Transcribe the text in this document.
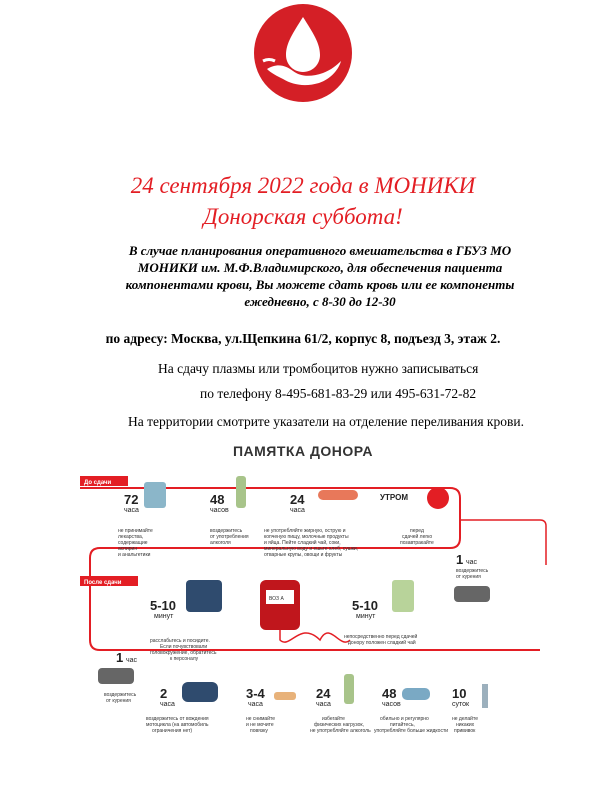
24 сентября 2022 года в МОНИКИ
Донорская суббота!
В случае планирования оперативного вмешательства в ГБУЗ МО МОНИКИ им. М.Ф.Владимирского, для обеспечения пациента компонентами крови, Вы можете сдать кровь или ее компоненты ежедневно, с 8-30 до 12-30
по адресу: Москва, ул.Щепкина 61/2, корпус 8, подъезд 3, этаж 2.
На сдачу плазмы или тромбоцитов нужно записываться
по телефону 8-495-681-83-29 или 495-631-72-82
На территории смотрите указатели на отделение переливания крови.
ПАМЯТКА ДОНОРА
До сдачи
После сдачи
72
часа
не принимайте
лекарства,
содержащие
аспирин
и анальгетики
48
часов
воздержитесь
от употребления
алкоголя
24
часа
не употребляйте жирную, острую и
копченую пищу, молочные продукты
и яйца. Пейте сладкий чай, соки,
минеральную воду и ешьте хлеб, сушки,
отварные крупы, овощи и фрукты
УТРОМ
перед
сдачей легко
позавтракайте
1 час
воздержитесь
от курения
5-10
минут
расслабьтесь и посидите.
Если почувствовали
головокружение, обратитесь
к персоналу
ВОЗ А	5-10
минут
непосредственно перед сдачей
донору положен сладкий чай
1 час
воздержитесь
от курения 2
часа
воздержитесь от вождения
мотоцикла (на автомобиль
ограничения нет)
3-4
часа
не снимайте
и не мочите
повязку
24
часа
избегайте
физических нагрузок,
не употребляйте алкоголь
48
часов
обильно и регулярно
питайтесь,
употребляйте больше жидкости
10
суток
не делайте
никаких
прививок
